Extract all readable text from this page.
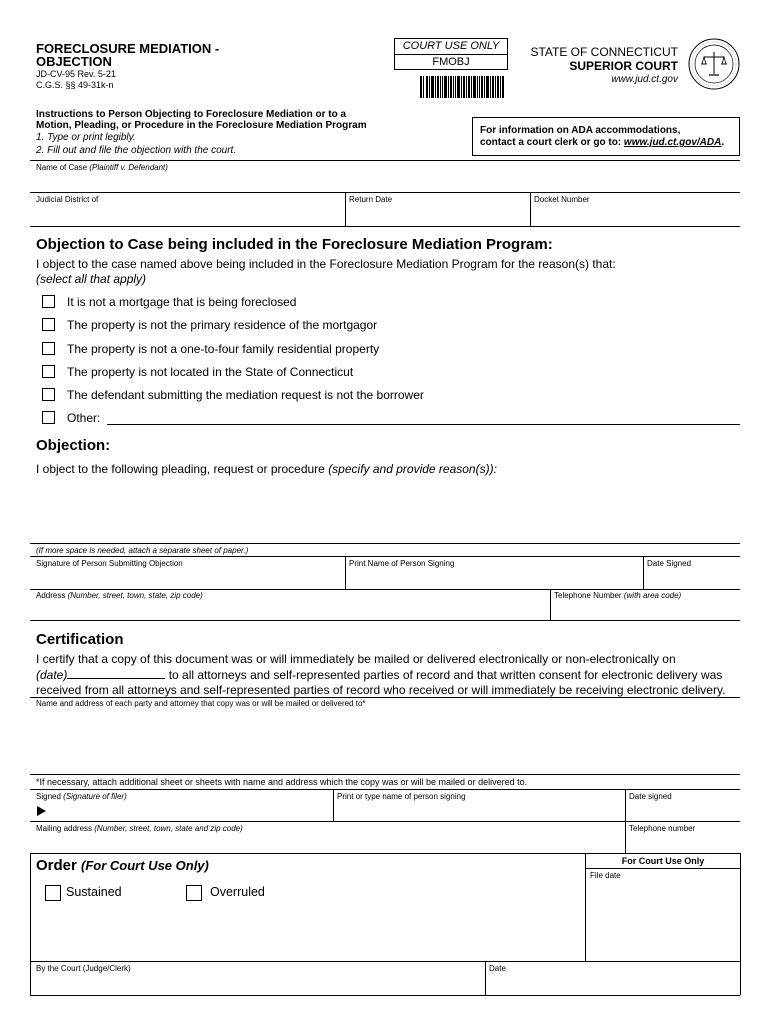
FORECLOSURE MEDIATION -
OBJECTION
JD-CV-95 Rev. 5-21
C.G.S. §§ 49-31k-n
COURT USE ONLY
FMOBJ
STATE OF CONNECTICUT
SUPERIOR COURT
www.jud.ct.gov
Instructions to Person Objecting to Foreclosure Mediation or to a
Motion, Pleading, or Procedure in the Foreclosure Mediation Program
1. Type or print legibly.
2. Fill out and file the objection with the court.
For information on ADA accommodations,
contact a court clerk or go to: www.jud.ct.gov/ADA.
Name of Case (Plaintiff v. Defendant)
Judicial District of	Return Date	Docket Number
Objection to Case being included in the Foreclosure Mediation Program:
I object to the case named above being included in the Foreclosure Mediation Program for the reason(s) that:
(select all that apply)
It is not a mortgage that is being foreclosed
The property is not the primary residence of the mortgagor
The property is not a one-to-four family residential property
The property is not located in the State of Connecticut
The defendant submitting the mediation request is not the borrower
Other:
Objection:
I object to the following pleading, request or procedure (specify and provide reason(s)):
(If more space is needed, attach a separate sheet of paper.)
Signature of Person Submitting Objection	Print Name of Person Signing	Date Signed
Address (Number, street, town, state, zip code)	Telephone Number (with area code)
Certification
I certify that a copy of this document was or will immediately be mailed or delivered electronically or non-electronically on
(date)	to all attorneys and self-represented parties of record and that written consent for electronic delivery was
received from all attorneys and self-represented parties of record who received or will immediately be receiving electronic delivery.
Name and address of each party and attorney that copy was or will be mailed or delivered to*
*If necessary, attach additional sheet or sheets with name and address which the copy was or will be mailed or delivered to.
Signed (Signature of filer)	Print or type name of person signing	Date signed
Mailing address (Number, street, town, state and zip code)	Telephone number
Order (For Court Use Only)	For Court Use Only
File date
Sustained	Overruled
By the Court (Judge/Clerk)	Date
